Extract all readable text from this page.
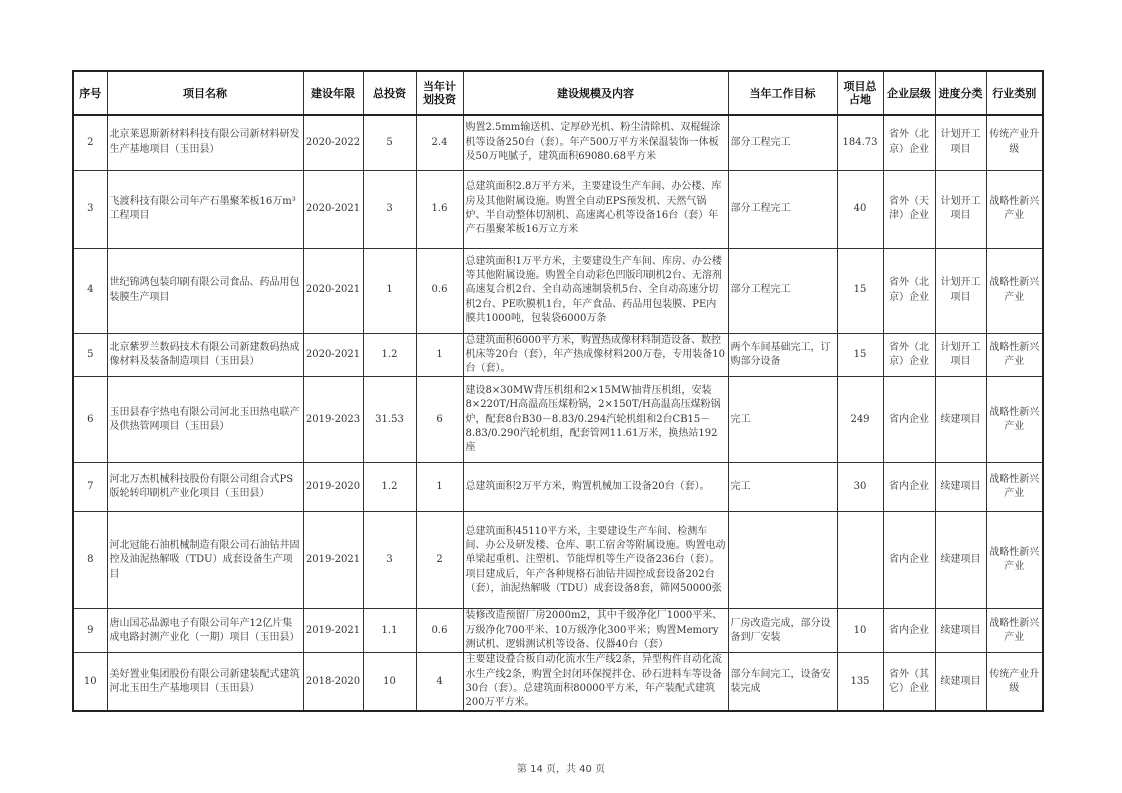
序号	项目名称	建设年限	总投资	当年计划投资	建设规模及内容	当年工作目标	项目总占地	企业层级	进度分类	行业类别
2	北京莱恩斯新材料科技有限公司新材料研发生产基地项目（玉田县）	2020-2022	5	2.4	购置2.5mm输送机、定厚砂光机、粉尘清除机、双棍辊涂机等设备250台（套）。年产500万平方米保温装饰一体板及50万吨腻子，建筑面积69080.68平方米	部分工程完工	184.73	省外（北京）企业	计划开工项目	传统产业升级
3	飞渡科技有限公司年产石墨聚苯板16万m³工程项目	2020-2021	3	1.6	总建筑面积2.8万平方米，主要建设生产车间、办公楼、库房及其他附属设施。购置全自动EPS预发机、天然气锅炉、半自动整体切割机、高速离心机等设备16台（套）年产石墨聚苯板16万立方米	部分工程完工	40	省外（天津）企业	计划开工项目	战略性新兴产业
4	世纪锦鸿包装印刷有限公司食品、药品用包装膜生产项目	2020-2021	1	0.6	总建筑面积1万平方米，主要建设生产车间、库房、办公楼等其他附属设施。购置全自动彩色凹版印刷机2台、无溶剂高速复合机2台、全自动高速制袋机5台、全自动高速分切机2台、PE吹膜机1台，年产食品、药品用包装膜、PE内膜共1000吨，包装袋6000万条	部分工程完工	15	省外（北京）企业	计划开工项目	战略性新兴产业
5	北京紫罗兰数码技术有限公司新建数码热成像材料及装备制造项目（玉田县）	2020-2021	1.2	1	总建筑面积6000平方米，购置热成像材料制造设备、数控机床等20台（套），年产热成像材料200万卷，专用装备10台（套）。	两个车间基础完工，订购部分设备	15	省外（北京）企业	计划开工项目	战略性新兴产业
6	玉田县春宇热电有限公司河北玉田热电联产及供热管网项目（玉田县）	2019-2023	31.53	6	建设8×30MW背压机组和2×15MW抽背压机组，安装8×220T/H高温高压煤粉锅，2×150T/H高温高压煤粉锅炉，配套8台B30－8.83/0.294汽轮机组和2台CB15－8.83/0.290汽轮机组，配套管网11.61万米，换热站192座	完工	249	省内企业	续建项目	战略性新兴产业
7	河北万杰机械科技股份有限公司组合式PS版轮转印刷机产业化项目（玉田县）	2019-2020	1.2	1	总建筑面积2万平方米，购置机械加工设备20台（套）。	完工	30	省内企业	续建项目	战略性新兴产业
8	河北冠能石油机械制造有限公司石油钻井固控及油泥热解吸（TDU）成套设备生产项目	2019-2021	3	2	总建筑面积45110平方米，主要建设生产车间、检测车间、办公及研发楼、仓库、职工宿舍等附属设施。购置电动单梁起重机、注塑机、节能焊机等生产设备236台（套）。项目建成后，年产各种规格石油钻井固控成套设备202台（套），油泥热解吸（TDU）成套设备8套，筛网50000张			省内企业	续建项目	战略性新兴产业
9	唐山国芯晶源电子有限公司年产12亿片集成电路封测产业化（一期）项目（玉田县）	2019-2021	1.1	0.6	装修改造预留厂房2000m2，其中千级净化厂1000平米、万级净化700平米、10万级净化300平米；购置Memory测试机、逻辑测试机等设备、仪器40台（套）	厂房改造完成，部分设备到厂安装	10	省内企业	续建项目	战略性新兴产业
10	美好置业集团股份有限公司新建装配式建筑河北玉田生产基地项目（玉田县）	2018-2020	10	4	主要建设叠合板自动化流水生产线2条，异型构件自动化流水生产线2条，购置全封闭环保搅拌仓、砂石进料车等设备30台（套）。总建筑面积80000平方米，年产装配式建筑200万平方米。	部分车间完工，设备安装完成	135	省外（其它）企业	续建项目	传统产业升级
第 14 页，共 40 页
